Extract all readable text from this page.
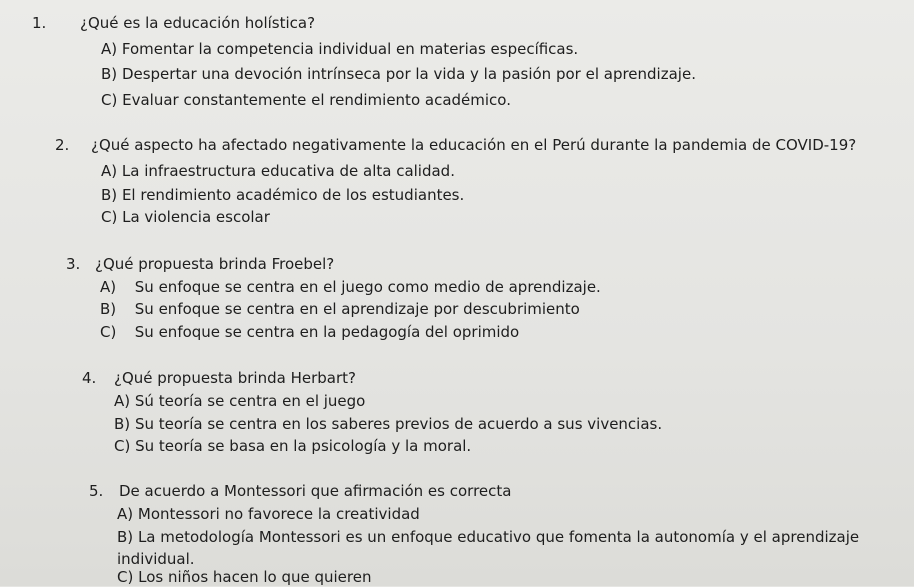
1. ¿Qué es la educación holística?
A) Fomentar la competencia individual en materias específicas.
B) Despertar una devoción intrínseca por la vida y la pasión por el aprendizaje.
C) Evaluar constantemente el rendimiento académico.
2. ¿Qué aspecto ha afectado negativamente la educación en el Perú durante la pandemia de COVID-19?
A) La infraestructura educativa de alta calidad.
B) El rendimiento académico de los estudiantes.
C) La violencia escolar
3. ¿Qué propuesta brinda Froebel?
A) Su enfoque se centra en el juego como medio de aprendizaje.
B) Su enfoque se centra en el aprendizaje por descubrimiento
C) Su enfoque se centra en la pedagogía del oprimido
4. ¿Qué propuesta brinda Herbart?
A) Sú teoría se centra en el juego
B) Su teoría se centra en los saberes previos de acuerdo a sus vivencias.
C) Su teoría se basa en la psicología y la moral.
5. De acuerdo a Montessori que afirmación es correcta
A) Montessori no favorece la creatividad
B) La metodología Montessori es un enfoque educativo que fomenta la autonomía y el aprendizaje individual.
C) Los niños hacen lo que quieren
